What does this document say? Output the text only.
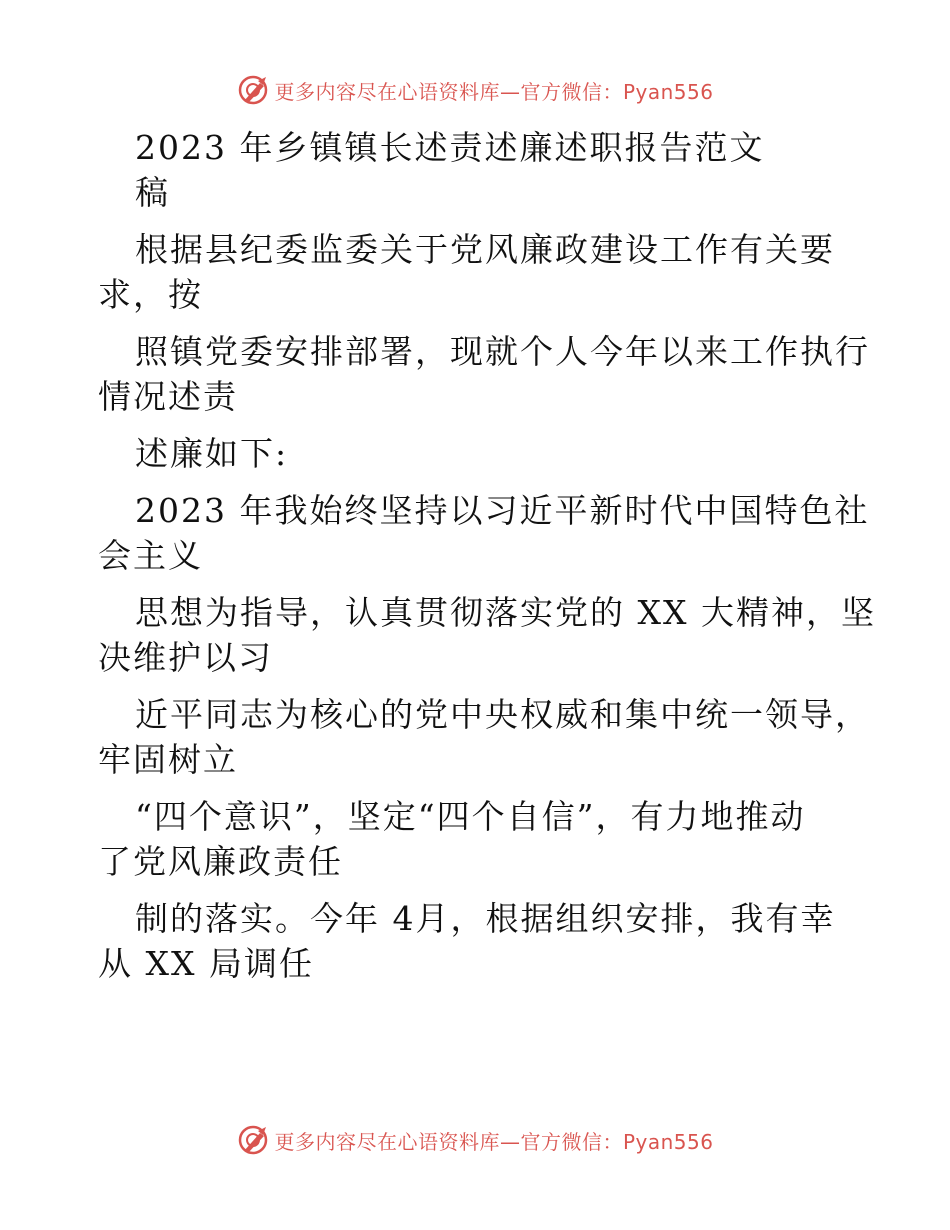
更多内容尽在心语资料库—官方微信：Pyan556

2023 年乡镇镇长述责述廉述职报告范文

稿

根据县纪委监委关于党风廉政建设工作有关要

求，按

照镇党委安排部署，现就个人今年以来工作执行

情况述责

述廉如下:

2023 年我始终坚持以习近平新时代中国特色社

会主义

思想为指导，认真贯彻落实党的 XX 大精神，坚

决维护以习

近平同志为核心的党中央权威和集中统一领导，

牢固树立

“四个意识”，坚定“四个自信”，有力地推动

了党风廉政责任

制的落实。今年 4月，根据组织安排，我有幸

从 XX 局调任

更多内容尽在心语资料库—官方微信：Pyan556
